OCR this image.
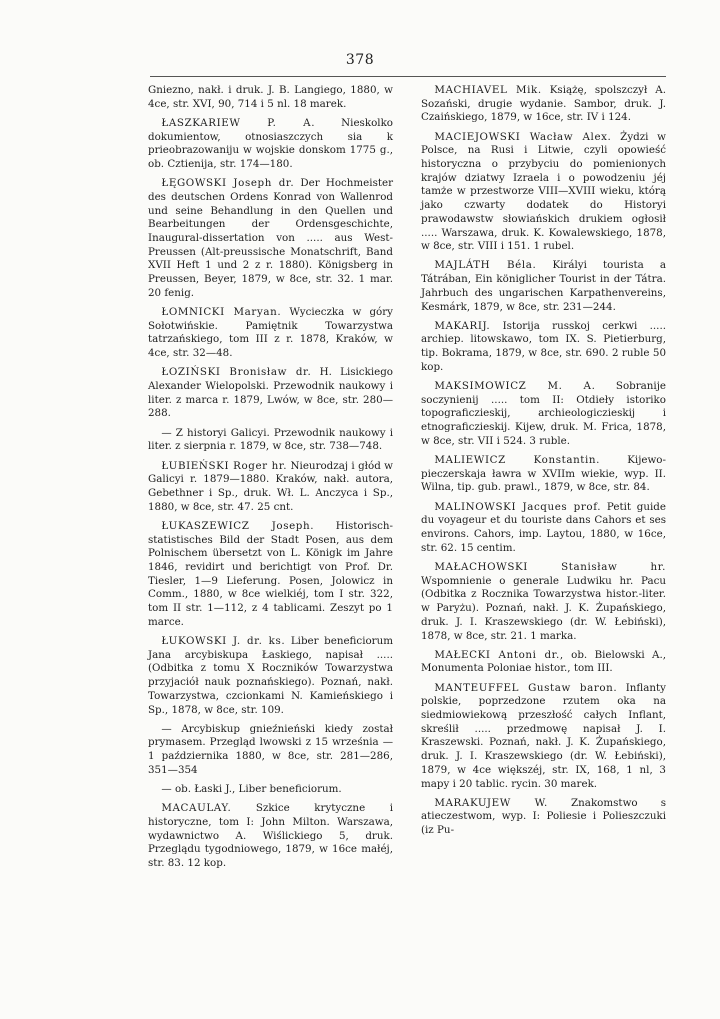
378

Gniezno, nakł. i druk. J. B. Langiego, 1880, w 4ce, str. XVI, 90, 714 i 5 nl. 18 marek.

ŁASZKARIEW P. A. Nieskolko dokumientow, otnosiaszczych sia k priеobrazowaniju w wojskie donskom 1775 g., ob. Cztienija, str. 174—180.

ŁĘGOWSKI Joseph dr. Der Hochmeister des deutschen Ordens Konrad von Wallenrod und seine Behandlung in den Quellen und Bearbeitungen der Ordensgeschichte, Inaugural-dissertation von ..... aus West-Preussen (Alt-preussische Monatschrift, Band XVII Heft 1 und 2 z r. 1880). Königsberg in Preussen, Beyer, 1879, w 8ce, str. 32. 1 mar. 20 fenig.

ŁOMNICKI Maryan. Wycieczka w góry Sołotwińskie. Pamiętnik Towarzystwa tatrzańskiego, tom III z r. 1878, Kraków, w 4ce, str. 32—48.

ŁOZIŃSKI Bronisław dr. H. Lisickiego Alexander Wielopolski. Przewodnik naukowy i liter. z marca r. 1879, Lwów, w 8ce, str. 280—288.

— Z historyi Galicyi. Przewodnik naukowy i liter. z sierpnia r. 1879, w 8ce, str. 738—748.

ŁUBIEŃSKI Roger hr. Nieurodzaj i głód w Galicyi r. 1879—1880. Kraków, nakł. autora, Gebethner i Sp., druk. Wł. L. Anczyca i Sp., 1880, w 8ce, str. 47. 25 cnt.

ŁUKASZEWICZ Joseph. Historisch-statistisches Bild der Stadt Posen, aus dem Polnischem übersetzt von L. Königk im Jahre 1846, revidirt und berichtigt von Prof. Dr. Tiesler, 1—9 Lieferung. Posen, Jolowicz in Comm., 1880, w 8ce wielkiéj, tom I str. 322, tom II str. 1—112, z 4 tablicami. Zeszyt po 1 marce.

ŁUKOWSKI J. dr. ks. Liber beneficiorum Jana arcybiskupa Łaskiego, napisał ..... (Odbitka z tomu X Roczników Towarzystwa przyjaciół nauk poznańskiego). Poznań, nakł. Towarzystwa, czcionkami N. Kamieńskiego i Sp., 1878, w 8ce, str. 109.

— Arcybiskup gnieźnieński kiedy został prymasem. Przegląd lwowski z 15 września — 1 października 1880, w 8ce, str. 281—286, 351—354

— ob. Łaski J., Liber beneficiorum.

MACAULAY. Szkice krytyczne i historyczne, tom I: John Milton. Warszawa, wydawnictwo A. Wiślickiego 5, druk. Przeglądu tygodniowego, 1879, w 16ce małéj, str. 83. 12 kop.

MACHIAVEL Mik. Książę, spolszczył A. Sozański, drugie wydanie. Sambor, druk. J. Czaińskiego, 1879, w 16ce, str. IV i 124.

MACIEJOWSKI Wacław Alex. Żydzi w Polsce, na Rusi i Litwie, czyli opowieść historyczna o przybyciu do pomienionych krajów dziatwy Izraela i o powodzeniu jéj tamże w przestworze VIII—XVIII wieku, którą jako czwarty dodatek do Historyi prawodawstw słowiańskich drukiem ogłosił ..... Warszawa, druk. K. Kowalewskiego, 1878, w 8ce, str. VIII i 151. 1 rubel.

MAJLÁTH Béla. Királyi tourista a Tátrában, Ein königlicher Tourist in der Tátra. Jahrbuch des ungarischen Karpathenvereins, Kesmárk, 1879, w 8ce, str. 231—244.

MAKARIJ. Istorija russkoj cerkwi ..... archiep. litowskawo, tom IX. S. Pietierburg, tip. Bokrama, 1879, w 8ce, str. 690. 2 ruble 50 kop.

MAKSIMOWICZ M. A. Sobranije soczynienij ..... tom II: Otdieły istoriko topograficzieskij, archieologiczieskij i etnograficzieskij. Kijew, druk. M. Frica, 1878, w 8ce, str. VII i 524. 3 ruble.

MALIEWICZ Konstantin. Kijewo-pieczerskaja ławra w XVIIm wiekie, wyp. II. Wilna, tip. gub. prawl., 1879, w 8ce, str. 84.

MALINOWSKI Jacques prof. Petit guide du voyageur et du touriste dans Cahors et ses environs. Cahors, imp. Laytou, 1880, w 16ce, str. 62. 15 centim.

MAŁACHOWSKI Stanisław hr. Wspomnienie o generale Ludwiku hr. Pacu (Odbitka z Rocznika Towarzystwa histor.-liter. w Paryżu). Poznań, nakł. J. K. Żupańskiego, druk. J. I. Kraszewskiego (dr. W. Łebiński), 1878, w 8ce, str. 21. 1 marka.

MAŁECKI Antoni dr., ob. Bielowski A., Monumenta Poloniae histor., tom III.

MANTEUFFEL Gustaw baron. Inflanty polskie, poprzedzone rzutem oka na siedmiowiekową przeszłość całych Inflant, skreślił ..... przedmowę napisał J. I. Kraszewski. Poznań, nakł. J. K. Żupańskiego, druk. J. I. Kraszewskiego (dr. W. Łebiński), 1879, w 4ce większéj, str. IX, 168, 1 nl, 3 mapy i 20 tablic. rycin. 30 marek.

MARAKUJEW W. Znakomstwo s atieczestwom, wyp. I: Poliesie i Polieszczuki (iz Pu-
